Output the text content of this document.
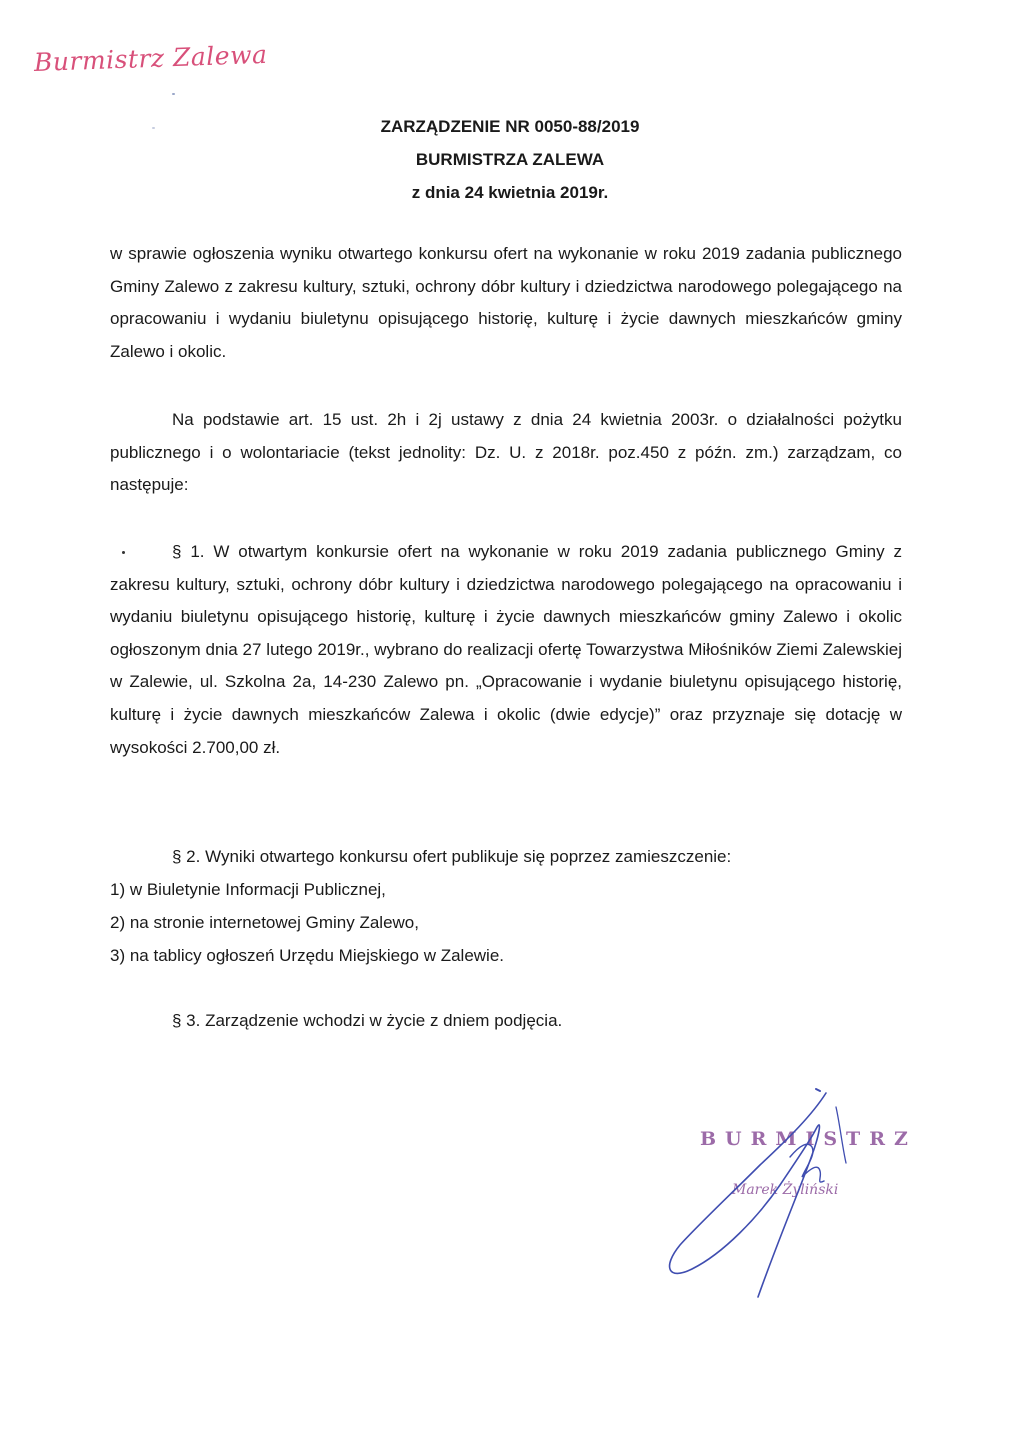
Burmistrz Zalewa
ZARZĄDZENIE NR 0050-88/2019
BURMISTRZA ZALEWA
z dnia 24 kwietnia 2019r.
w sprawie ogłoszenia wyniku otwartego konkursu ofert na wykonanie w roku 2019 zadania publicznego Gminy Zalewo z zakresu kultury, sztuki, ochrony dóbr kultury i dziedzictwa narodowego polegającego na opracowaniu i wydaniu biuletynu opisującego historię, kulturę i życie dawnych mieszkańców gminy Zalewo i okolic.
Na podstawie art. 15 ust. 2h i 2j ustawy z dnia 24 kwietnia 2003r. o działalności pożytku publicznego i o wolontariacie (tekst jednolity: Dz. U. z 2018r. poz.450 z późn. zm.) zarządzam, co następuje:
§ 1. W otwartym konkursie ofert na wykonanie w roku 2019 zadania publicznego Gminy z zakresu kultury, sztuki, ochrony dóbr kultury i dziedzictwa narodowego polegającego na opracowaniu i wydaniu biuletynu opisującego historię, kulturę i życie dawnych mieszkańców gminy Zalewo i okolic ogłoszonym dnia 27 lutego 2019r., wybrano do realizacji ofertę Towarzystwa Miłośników Ziemi Zalewskiej w Zalewie, ul. Szkolna 2a, 14-230 Zalewo pn. „Opracowanie i wydanie biuletynu opisującego historię, kulturę i życie dawnych mieszkańców Zalewa i okolic (dwie edycje)” oraz przyznaje się dotację w wysokości 2.700,00 zł.
§ 2. Wyniki otwartego konkursu ofert publikuje się poprzez zamieszczenie:
1) w Biuletynie Informacji Publicznej,
2) na stronie internetowej Gminy Zalewo,
3) na tablicy ogłoszeń Urzędu Miejskiego w Zalewie.
§ 3. Zarządzenie wchodzi w życie z dniem podjęcia.
BURMISTRZ
Marek Żyliński
